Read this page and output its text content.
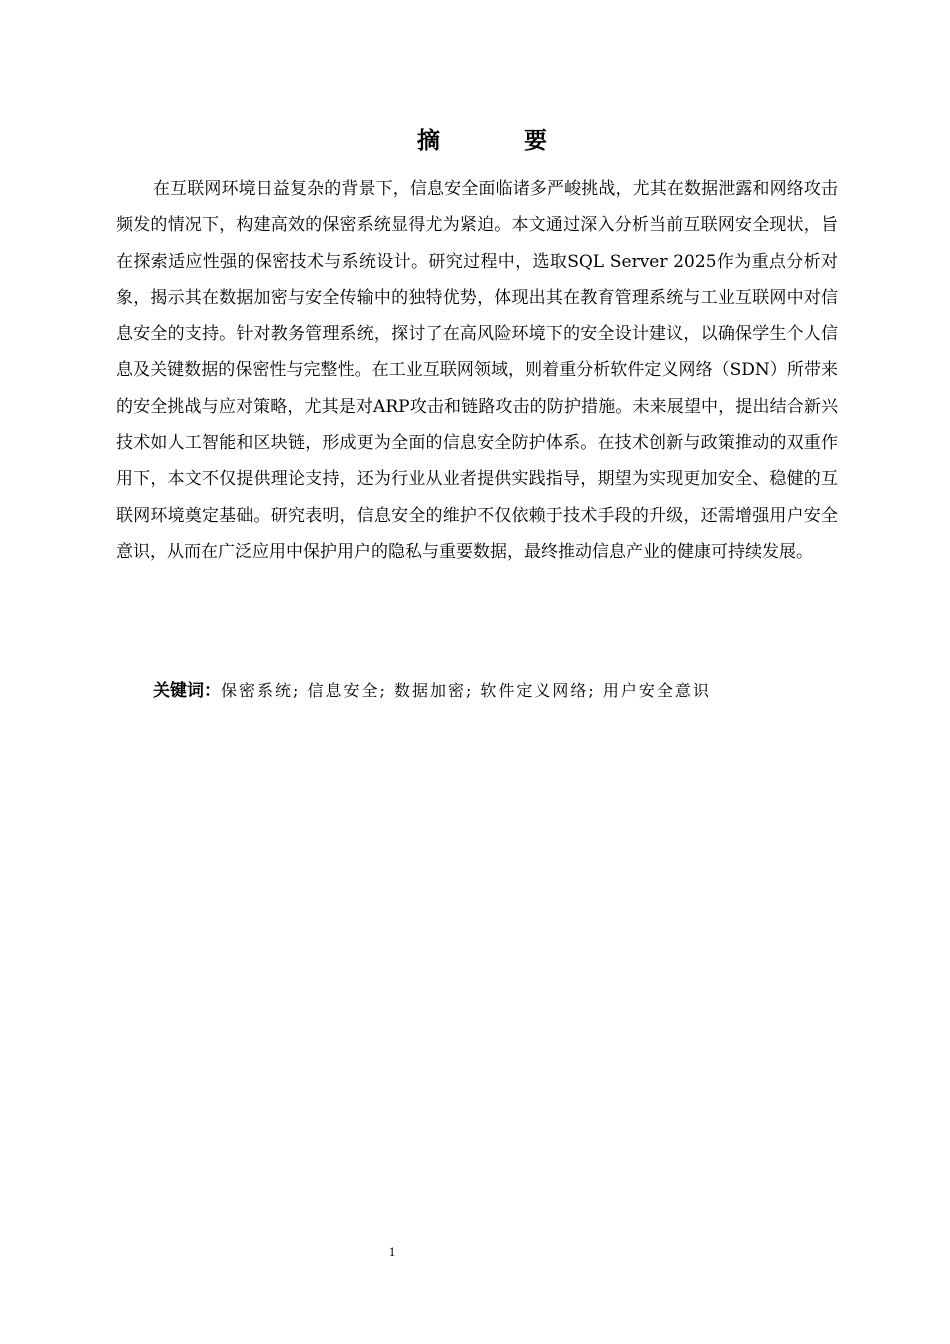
摘 要

在互联网环境日益复杂的背景下，信息安全面临诸多严峻挑战，尤其在数据泄露和网络攻击频发的情况下，构建高效的保密系统显得尤为紧迫。本文通过深入分析当前互联网安全现状，旨在探索适应性强的保密技术与系统设计。研究过程中，选取SQL Server 2025作为重点分析对象，揭示其在数据加密与安全传输中的独特优势，体现出其在教育管理系统与工业互联网中对信息安全的支持。针对教务管理系统，探讨了在高风险环境下的安全设计建议，以确保学生个人信息及关键数据的保密性与完整性。在工业互联网领域，则着重分析软件定义网络（SDN）所带来的安全挑战与应对策略，尤其是对ARP攻击和链路攻击的防护措施。未来展望中，提出结合新兴技术如人工智能和区块链，形成更为全面的信息安全防护体系。在技术创新与政策推动的双重作用下，本文不仅提供理论支持，还为行业从业者提供实践指导，期望为实现更加安全、稳健的互联网环境奠定基础。研究表明，信息安全的维护不仅依赖于技术手段的升级，还需增强用户安全意识，从而在广泛应用中保护用户的隐私与重要数据，最终推动信息产业的健康可持续发展。

关键词：保密系统; 信息安全; 数据加密; 软件定义网络; 用户安全意识
1
